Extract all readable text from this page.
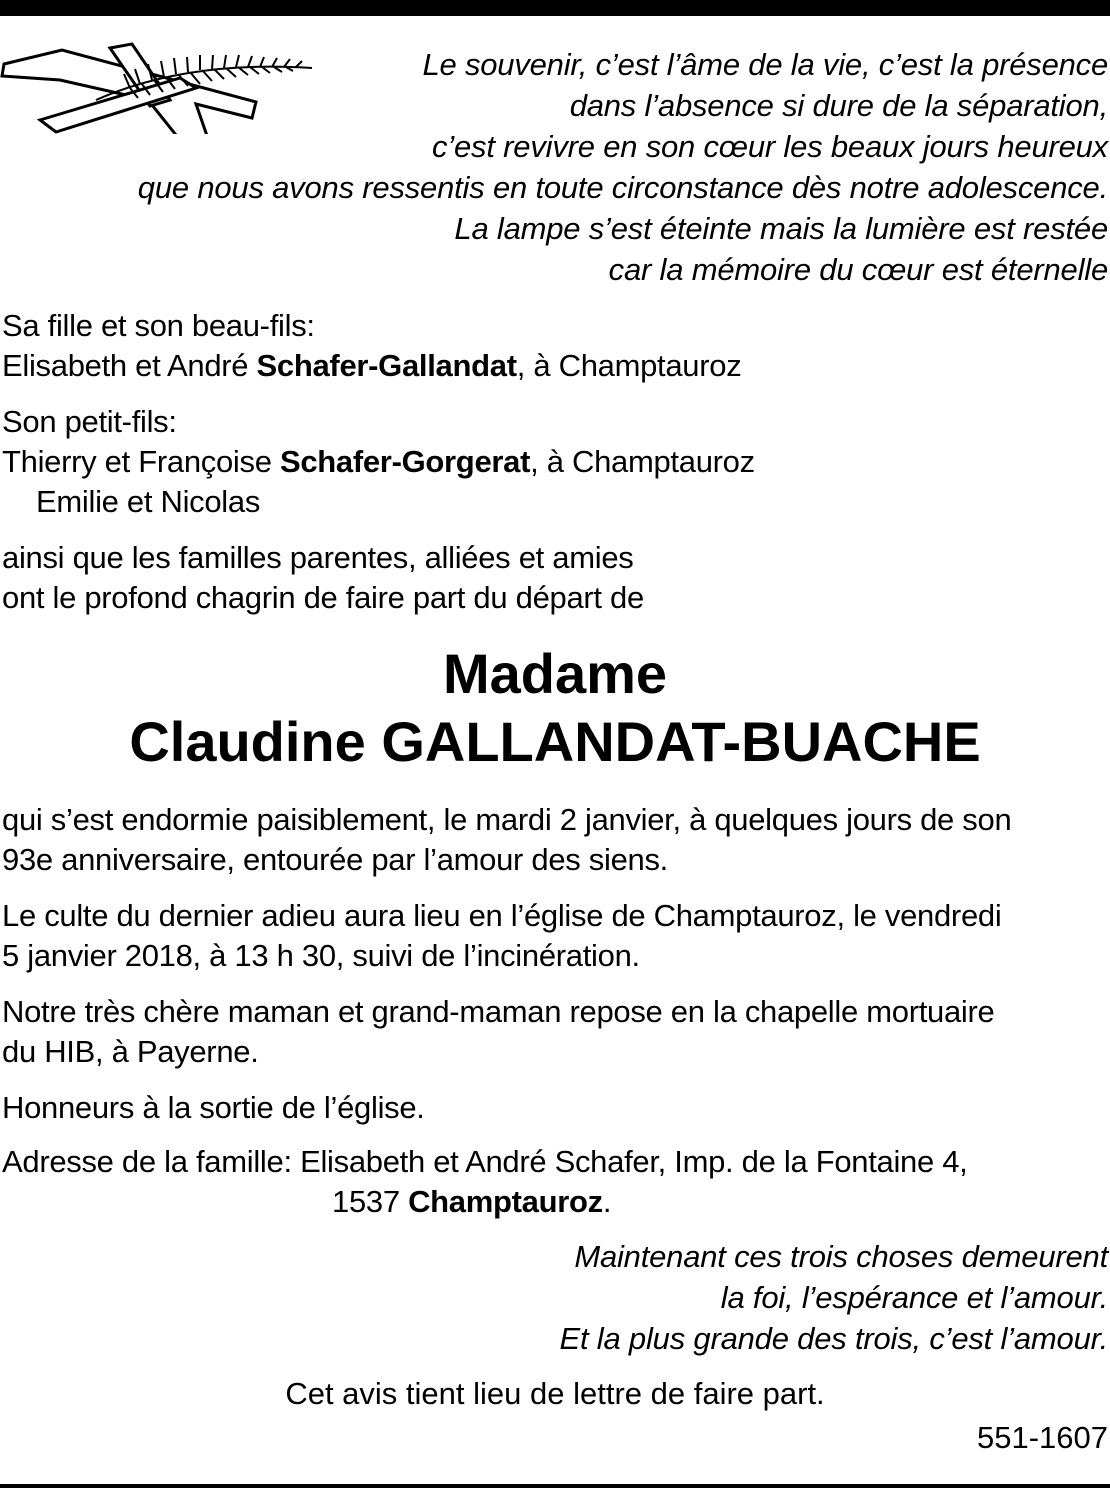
Le souvenir, c’est l’âme de la vie, c’est la présence
dans l’absence si dure de la séparation,
c’est revivre en son cœur les beaux jours heureux
que nous avons ressentis en toute circonstance dès notre adolescence.
La lampe s’est éteinte mais la lumière est restée
car la mémoire du cœur est éternelle
Sa fille et son beau-fils:
Elisabeth et André Schafer-Gallandat, à Champtauroz
Son petit-fils:
Thierry et Françoise Schafer-Gorgerat, à Champtauroz
Emilie et Nicolas
ainsi que les familles parentes, alliées et amies
ont le profond chagrin de faire part du départ de
Madame
Claudine GALLANDAT-BUACHE
qui s’est endormie paisiblement, le mardi 2 janvier, à quelques jours de son
93e anniversaire, entourée par l’amour des siens.
Le culte du dernier adieu aura lieu en l’église de Champtauroz, le vendredi
5 janvier 2018, à 13 h 30, suivi de l’incinération.
Notre très chère maman et grand-maman repose en la chapelle mortuaire
du HIB, à Payerne.
Honneurs à la sortie de l’église.
Adresse de la famille: Elisabeth et André Schafer, Imp. de la Fontaine 4,
1537 Champtauroz.
Maintenant ces trois choses demeurent
la foi, l’espérance et l’amour.
Et la plus grande des trois, c’est l’amour.
Cet avis tient lieu de lettre de faire part.
551-1607
